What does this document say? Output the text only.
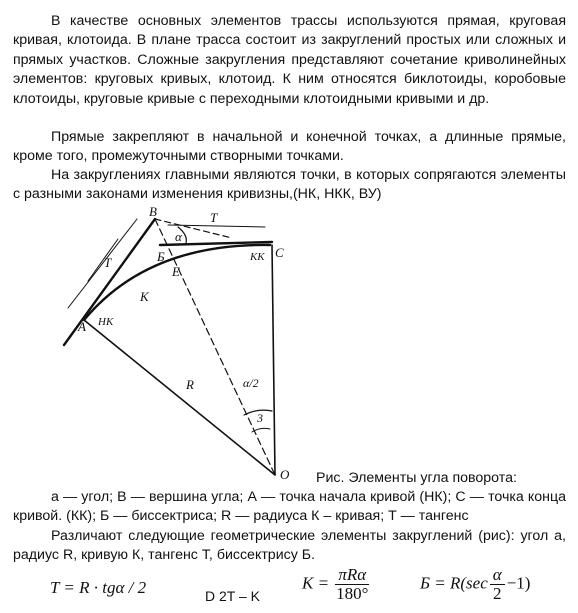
В качестве основных элементов трассы используются прямая, круговая кривая, клотоида. В плане трасса состоит из закруглений простых или сложных и прямых участков. Сложные закругления представляют сочетание криволинейных элементов: круговых кривых, клотоид. К ним относятся биклотоиды, коробовые клотоиды, круговые кривые с переходными клотоидными кривыми и др.

Прямые закрепляют в начальной и конечной точках, а длинные прямые, кроме того, промежуточными створными точками.

На закруглениях главными являются точки, в которых сопрягаются элементы с разными законами изменения кривизны,(НК, НКК, ВУ)

B
T
T
α
C
КК
Б
Е
К
А НК
R	α/2
3
О Рис. Элементы угла поворота:

а — угол; В — вершина угла; А — точка начала кривой (НК); С — точка конца кривой. (КК); Б — биссектриса; R — радиуса К – кривая; Т — тангенс

Различают следующие геометрические элементы закруглений (рис): угол а, радиус R, кривую К, тангенс Т, биссектрису Б.

T = R · tgα / 2	D 2T – K
$K = \frac{\text{πRα}}{180^\circ}$	$Б = R(\sec \frac{\alpha}{2} -1)$
